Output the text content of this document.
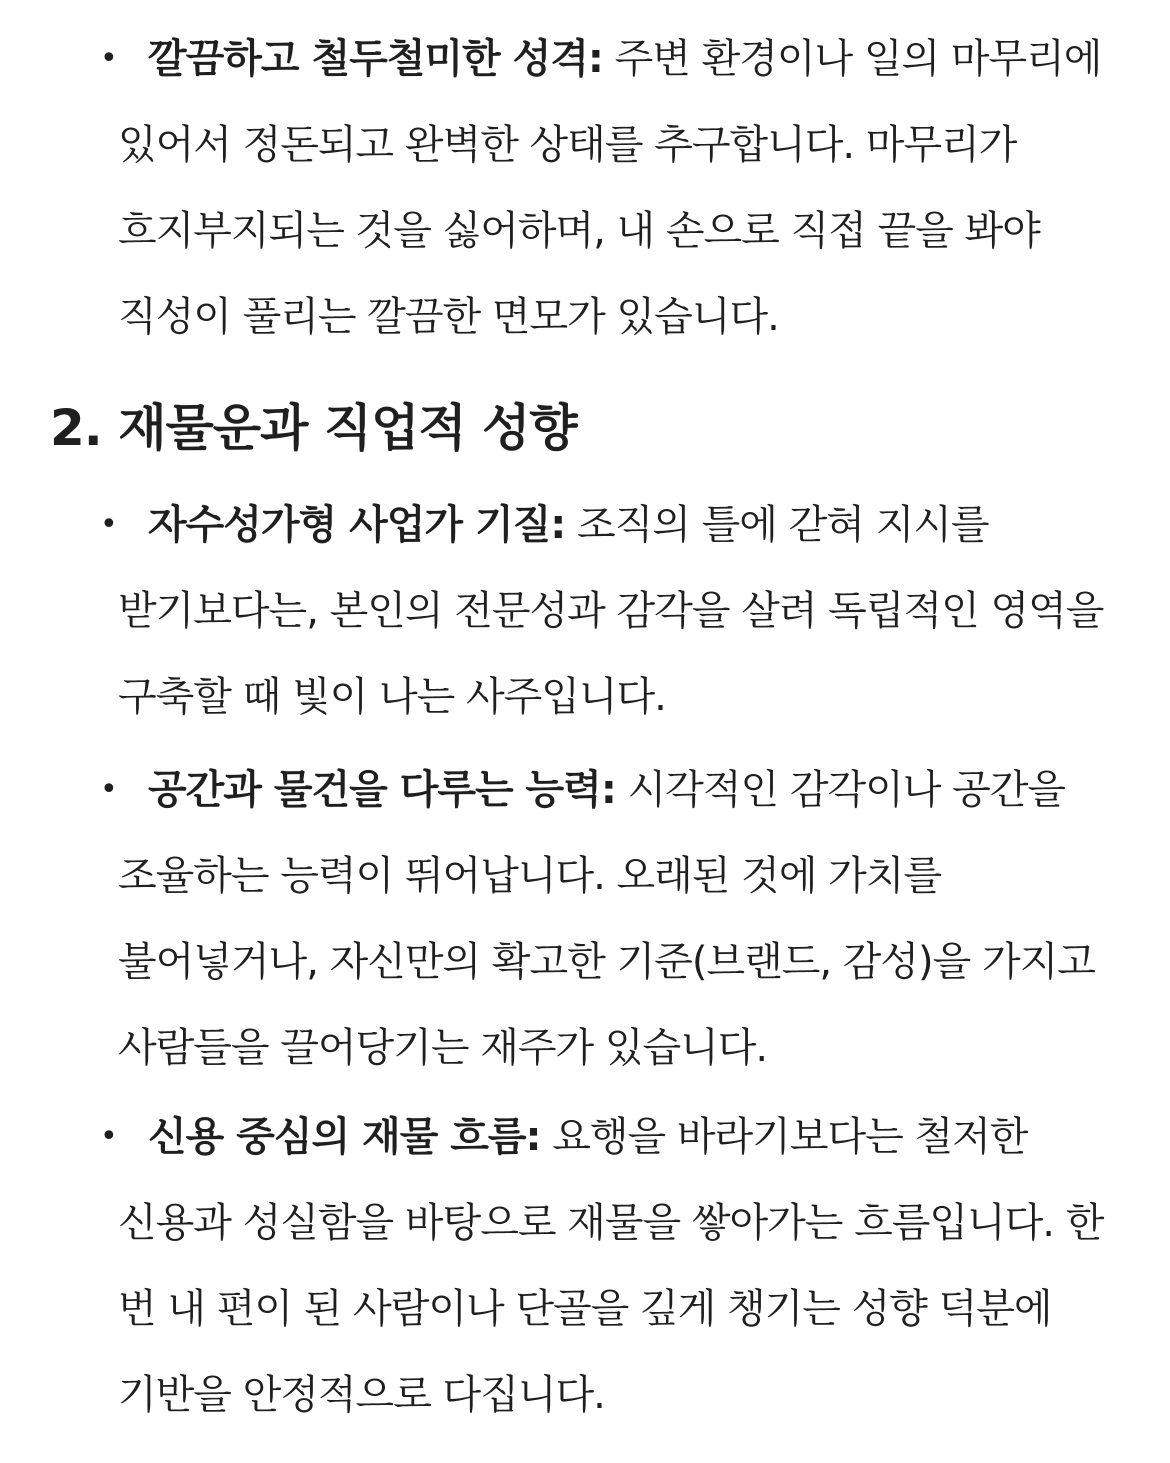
• 깔끔하고 철두철미한 성격: 주변 환경이나 일의 마무리에 있어서 정돈되고 완벽한 상태를 추구합니다. 마무리가 흐지부지되는 것을 싫어하며, 내 손으로 직접 끝을 봐야 직성이 풀리는 깔끔한 면모가 있습니다.
2. 재물운과 직업적 성향
• 자수성가형 사업가 기질: 조직의 틀에 갇혀 지시를 받기보다는, 본인의 전문성과 감각을 살려 독립적인 영역을 구축할 때 빛이 나는 사주입니다.
• 공간과 물건을 다루는 능력: 시각적인 감각이나 공간을 조율하는 능력이 뛰어납니다. 오래된 것에 가치를 불어넣거나, 자신만의 확고한 기준(브랜드, 감성)을 가지고 사람들을 끌어당기는 재주가 있습니다.
• 신용 중심의 재물 흐름: 요행을 바라기보다는 철저한 신용과 성실함을 바탕으로 재물을 쌓아가는 흐름입니다. 한 번 내 편이 된 사람이나 단골을 깊게 챙기는 성향 덕분에 기반을 안정적으로 다집니다.
